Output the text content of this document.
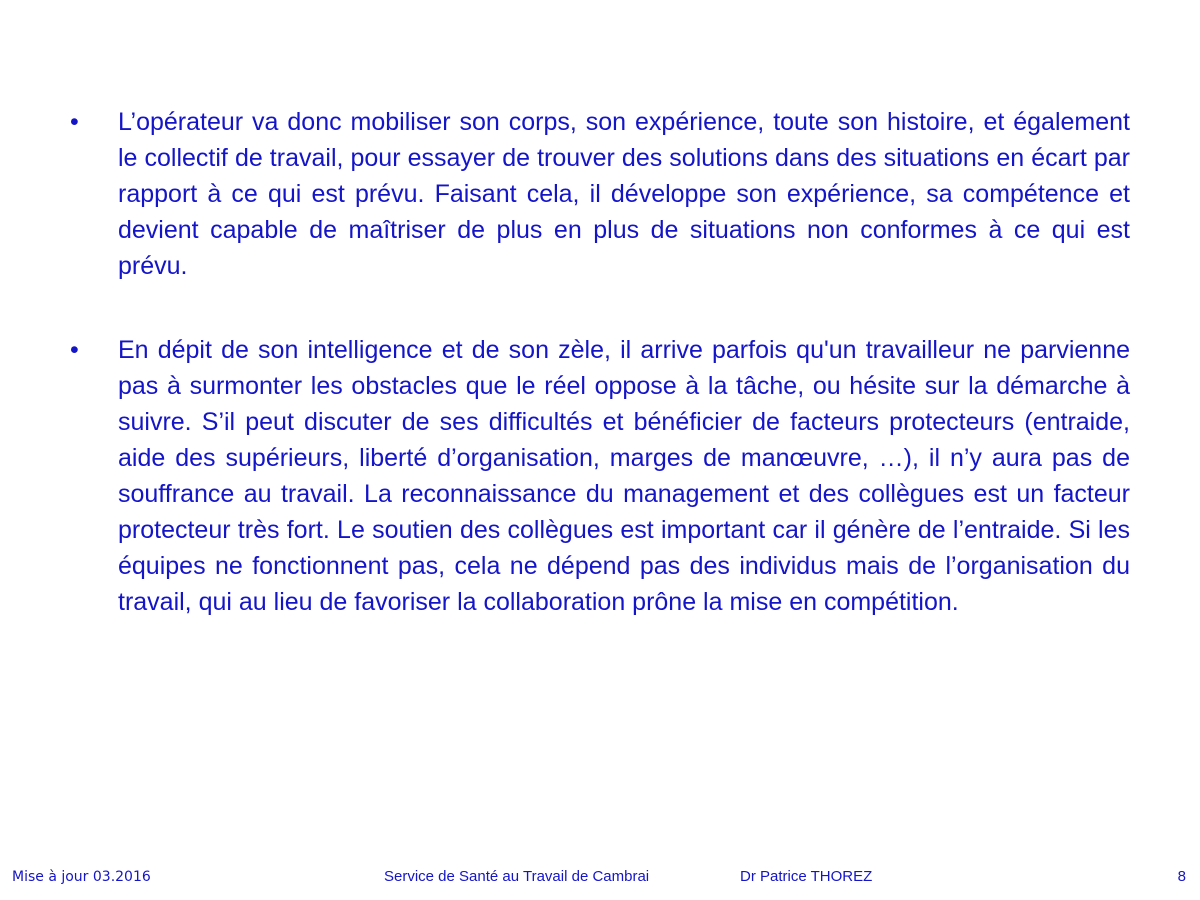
•	L’opérateur va donc mobiliser son corps, son expérience, toute son histoire, et également le collectif de travail, pour essayer de trouver des solutions dans des situations en écart par rapport à ce qui est prévu. Faisant cela, il développe son expérience, sa compétence et devient capable de maîtriser de plus en plus de situations non conformes à ce qui est prévu.
•	En dépit de son intelligence et de son zèle, il arrive parfois qu'un travailleur ne parvienne pas à surmonter les obstacles que le réel oppose à la tâche, ou hésite sur la démarche à suivre. S’il peut discuter de ses difficultés et bénéficier de facteurs protecteurs (entraide, aide des supérieurs, liberté d’organisation, marges de manœuvre, …), il n’y aura pas de souffrance au travail. La reconnaissance du management et des collègues est un facteur protecteur très fort. Le soutien des collègues est important car il génère de l’entraide. Si les équipes ne fonctionnent pas, cela ne dépend pas des individus mais de l’organisation du travail, qui au lieu de favoriser la collaboration prône la mise en compétition.
Mise à jour 03.2016	Service de Santé au Travail de Cambrai	Dr Patrice THOREZ	8
